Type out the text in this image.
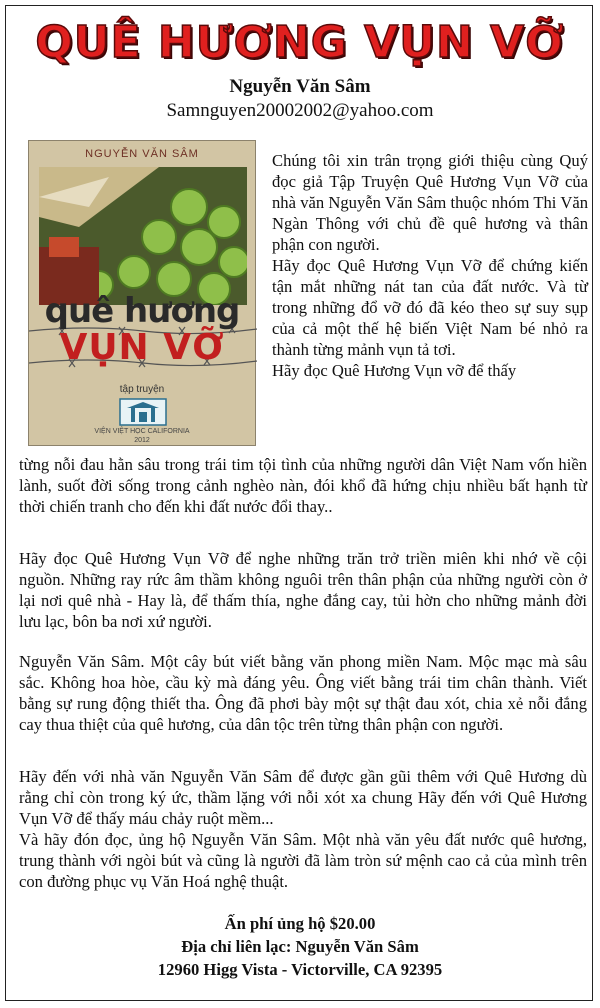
QUÊ HƯƠNG VỤN VỠ
Nguyễn Văn Sâm
Samnguyen20002002@yahoo.com
NGUYỄN VĂN SÂM
quê hương
VỤN VỠ
tập truyện
VIỆN VIỆT HỌC CALIFORNIA
2012

Chúng tôi xin trân trọng giới thiệu cùng Quý đọc giả Tập Truyện Quê Hương Vụn Vỡ của nhà văn Nguyễn Văn Sâm thuộc nhóm Thi Văn Ngàn Thông với chủ đề quê hương và thân phận con người.
Hãy đọc Quê Hương Vụn Vỡ để chứng kiến tận mắt những nát tan của đất nước. Và từ trong những đổ vỡ đó đã kéo theo sự suy sụp của cả một thế hệ biến Việt Nam bé nhỏ ra thành từng mảnh vụn tả tơi.
Hãy đọc Quê Hương Vụn vỡ để thấy

từng nỗi đau hằn sâu trong trái tim tội tình của những người dân Việt Nam vốn hiền lành, suốt đời sống trong cảnh nghèo nàn, đói khổ đã hứng chịu nhiều bất hạnh từ thời chiến tranh cho đến khi đất nước đổi thay..

Hãy đọc Quê Hương Vụn Vỡ để nghe những trăn trở triền miên khi nhớ về cội nguồn. Những ray rức âm thầm không nguôi trên thân phận của những người còn ở lại nơi quê nhà - Hay là, để thấm thía, nghe đắng cay, tủi hờn cho những mảnh đời lưu lạc, bôn ba nơi xứ người.

Nguyễn Văn Sâm. Một cây bút viết bằng văn phong miền Nam. Mộc mạc mà sâu sắc. Không hoa hòe, cầu kỳ mà đáng yêu. Ông viết bằng trái tim chân thành. Viết bằng sự rung động thiết tha. Ông đã phơi bày một sự thật đau xót, chia xẻ nỗi đắng cay thua thiệt của quê hương, của dân tộc trên từng thân phận con người.

Hãy đến với nhà văn Nguyễn Văn Sâm để được gần gũi thêm với Quê Hương dù rằng chỉ còn trong ký ức, thầm lặng với nỗi xót xa chung Hãy đến với Quê Hương Vụn Vỡ để thấy máu chảy ruột mềm...

Và hãy đón đọc, ủng hộ Nguyễn Văn Sâm. Một nhà văn yêu đất nước quê hương, trung thành với ngòi bút và cũng là người đã làm tròn sứ mệnh cao cả của mình trên con đường phục vụ Văn Hoá nghệ thuật.

Ấn phí ủng hộ $20.00
Địa chỉ liên lạc: Nguyễn Văn Sâm
12960 Higg Vista - Victorville, CA 92395
